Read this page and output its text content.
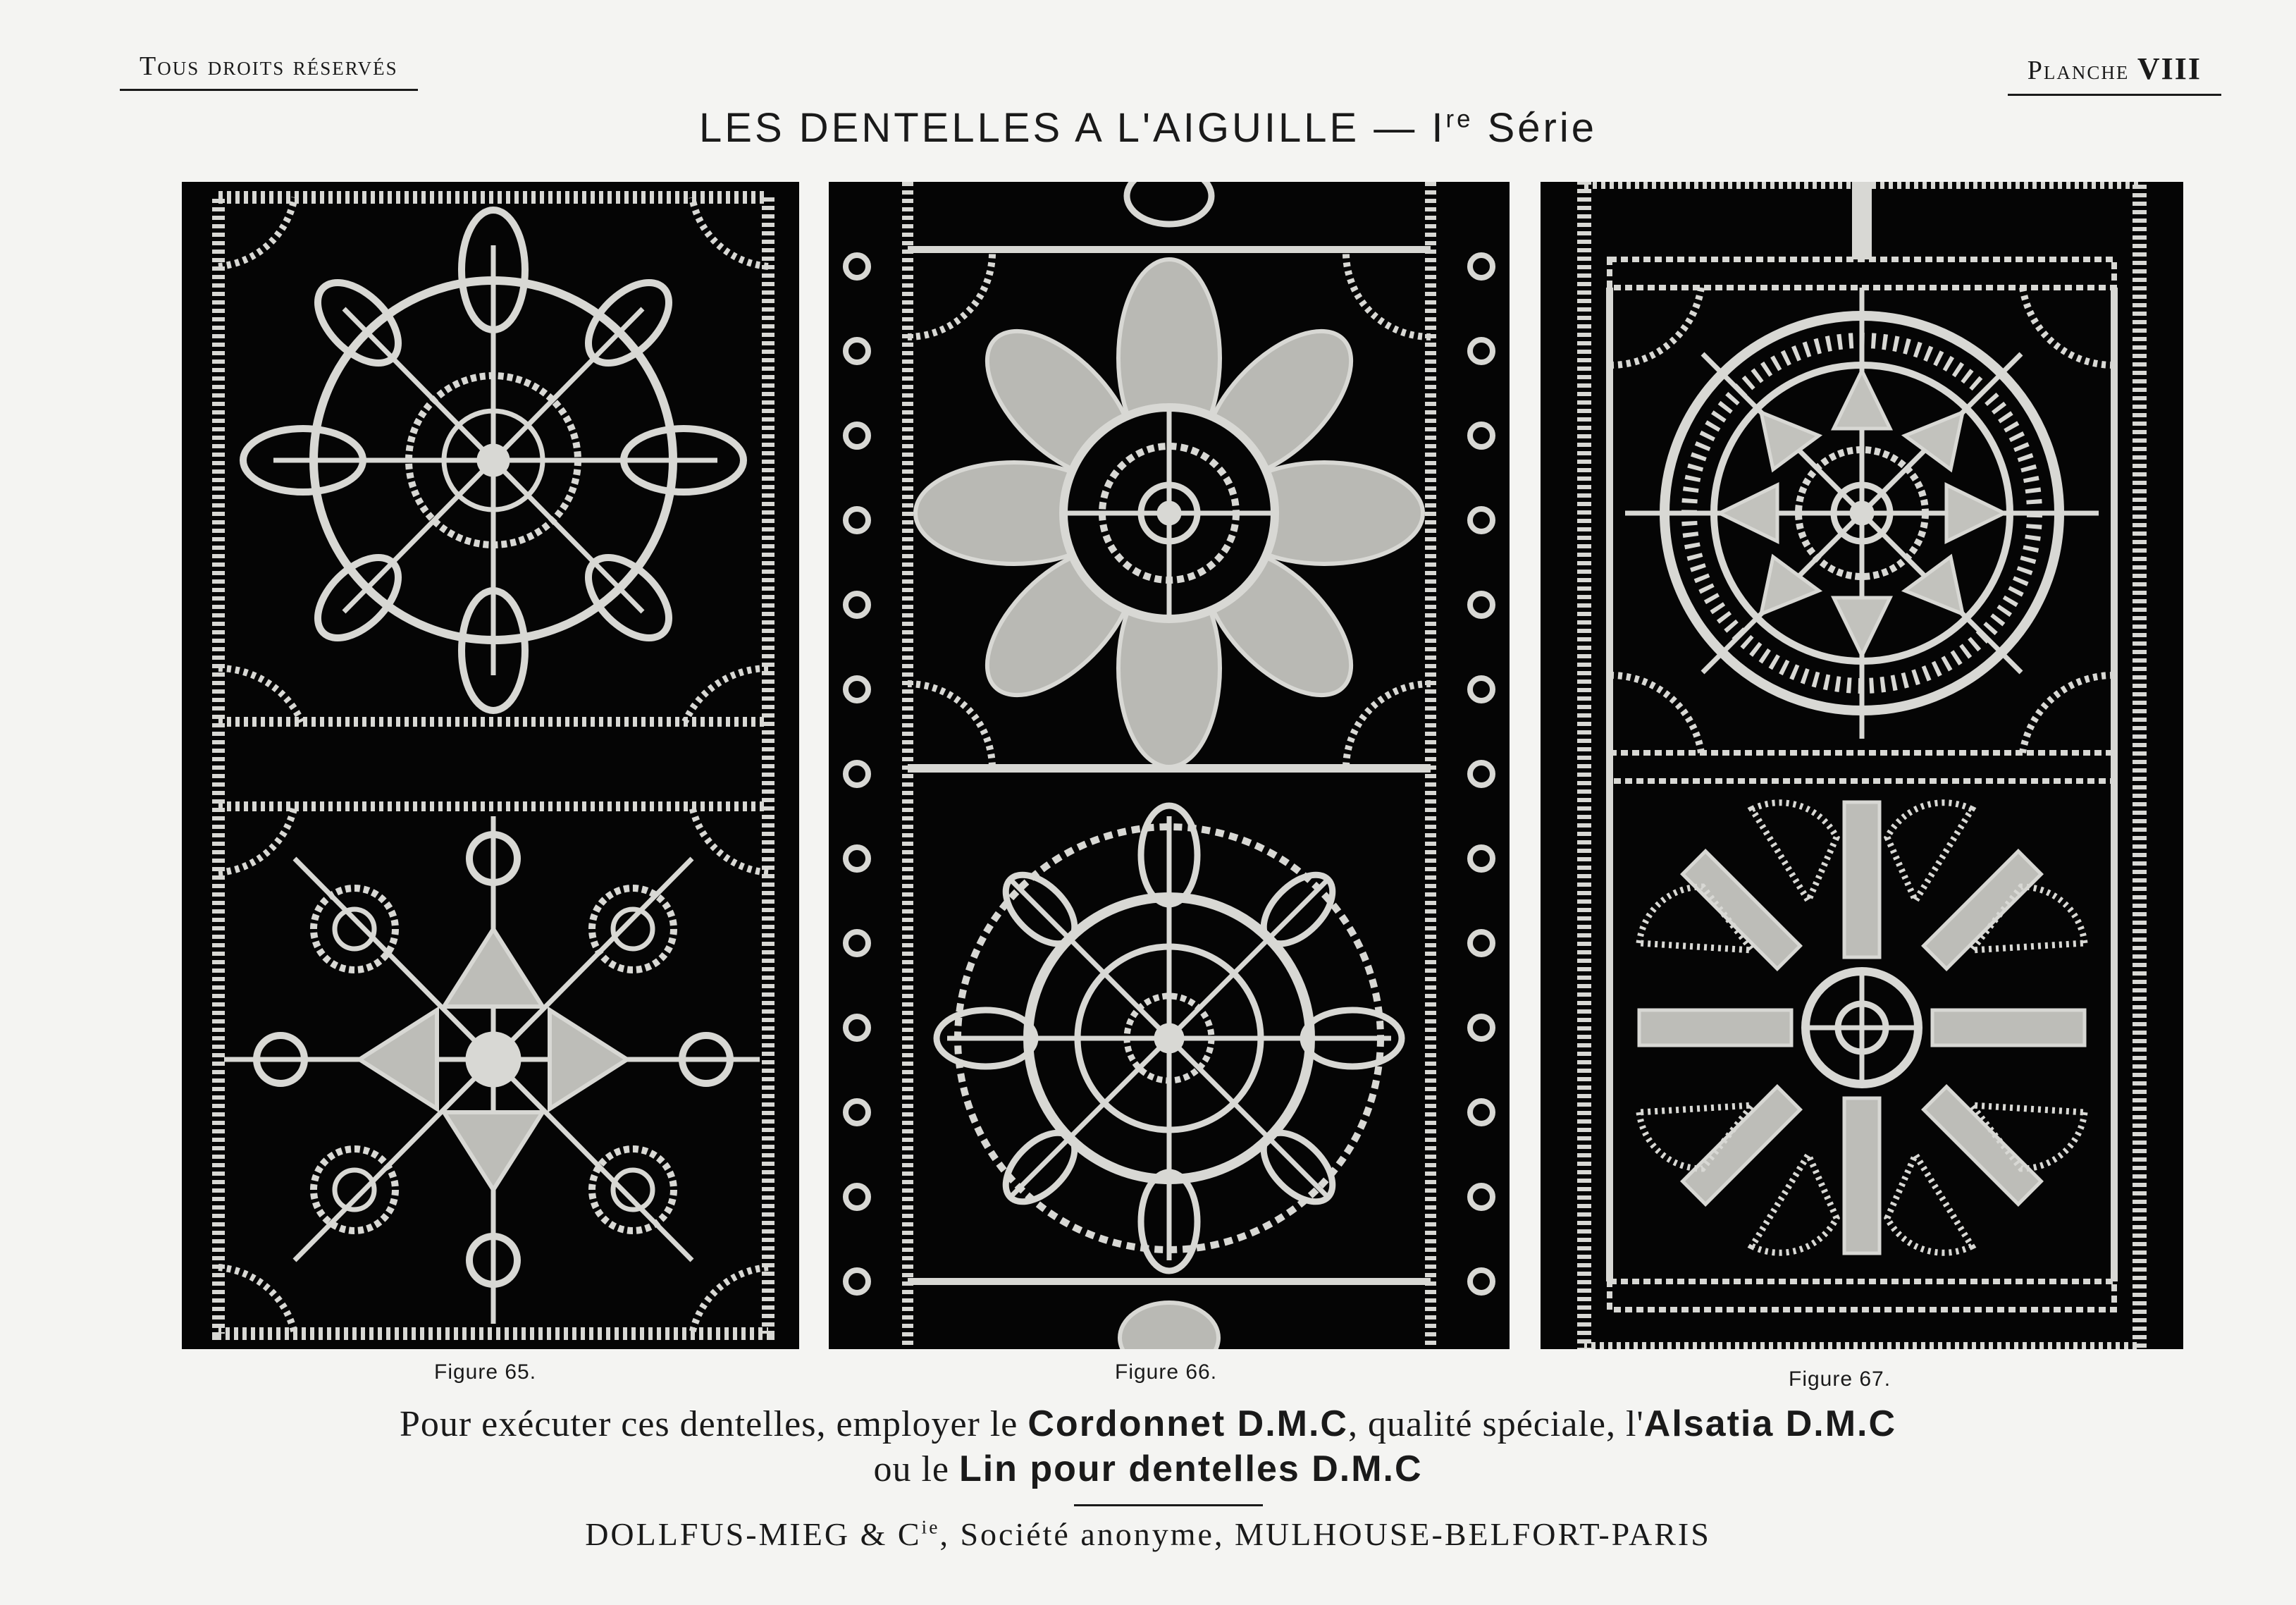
Tous droits réservés	Planche VIII
LES DENTELLES A L'AIGUILLE — Ire Série
Figure 65.	Figure 66.	Figure 67.
Pour exécuter ces dentelles, employer le Cordonnet D.M.C, qualité spéciale, l'Alsatia D.M.C
ou le Lin pour dentelles D.M.C
DOLLFUS-MIEG & $C^{ie}$, Société anonyme, MULHOUSE-BELFORT-PARIS
